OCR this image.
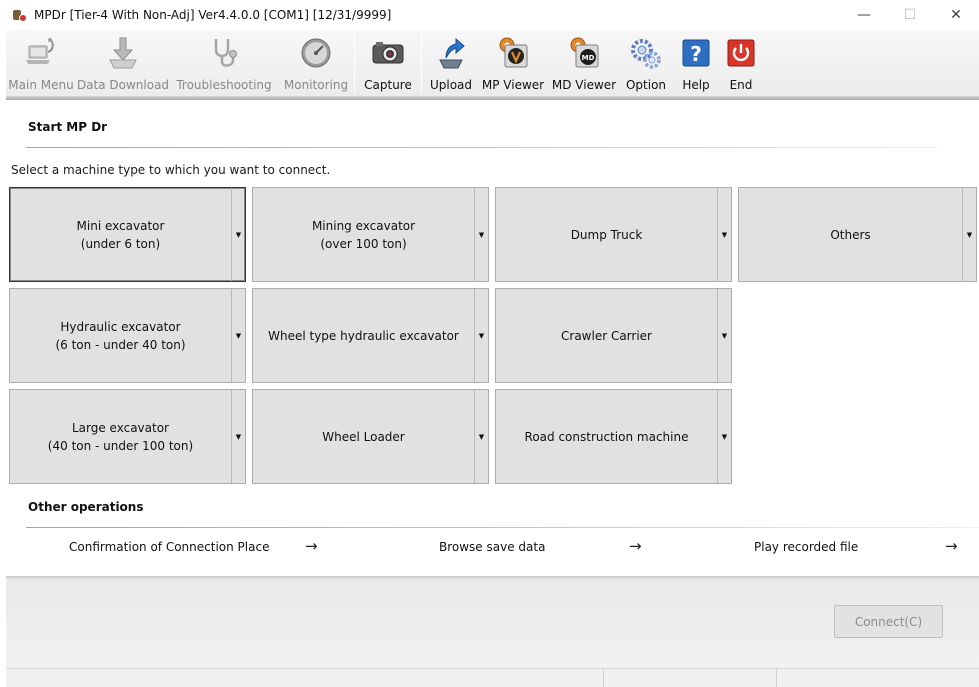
MPDr [Tier-4 With Non-Adj] Ver4.4.0.0 [COM1] [12/31/9999]	—	☐	✕
Main Menu Data Download Troubleshooting Monitoring Capture Upload MP Viewer
MD
MD Viewer Option
?
Help End
Start MP Dr
Select a machine type to which you want to connect.
Mini excavator
(under 6 ton)
▼
Mining excavator
(over 100 ton)
▼	Dump Truck	▼	Others	▼
Hydraulic excavator
(6 ton - under 40 ton)
▼	Wheel type hydraulic excavator	▼	Crawler Carrier	▼
Large excavator
(40 ton - under 100 ton)
▼	Wheel Loader	▼	Road construction machine	▼
Other operations
Confirmation of Connection Place →	Browse save data	→	Play recorded file	→
Connect(C)
